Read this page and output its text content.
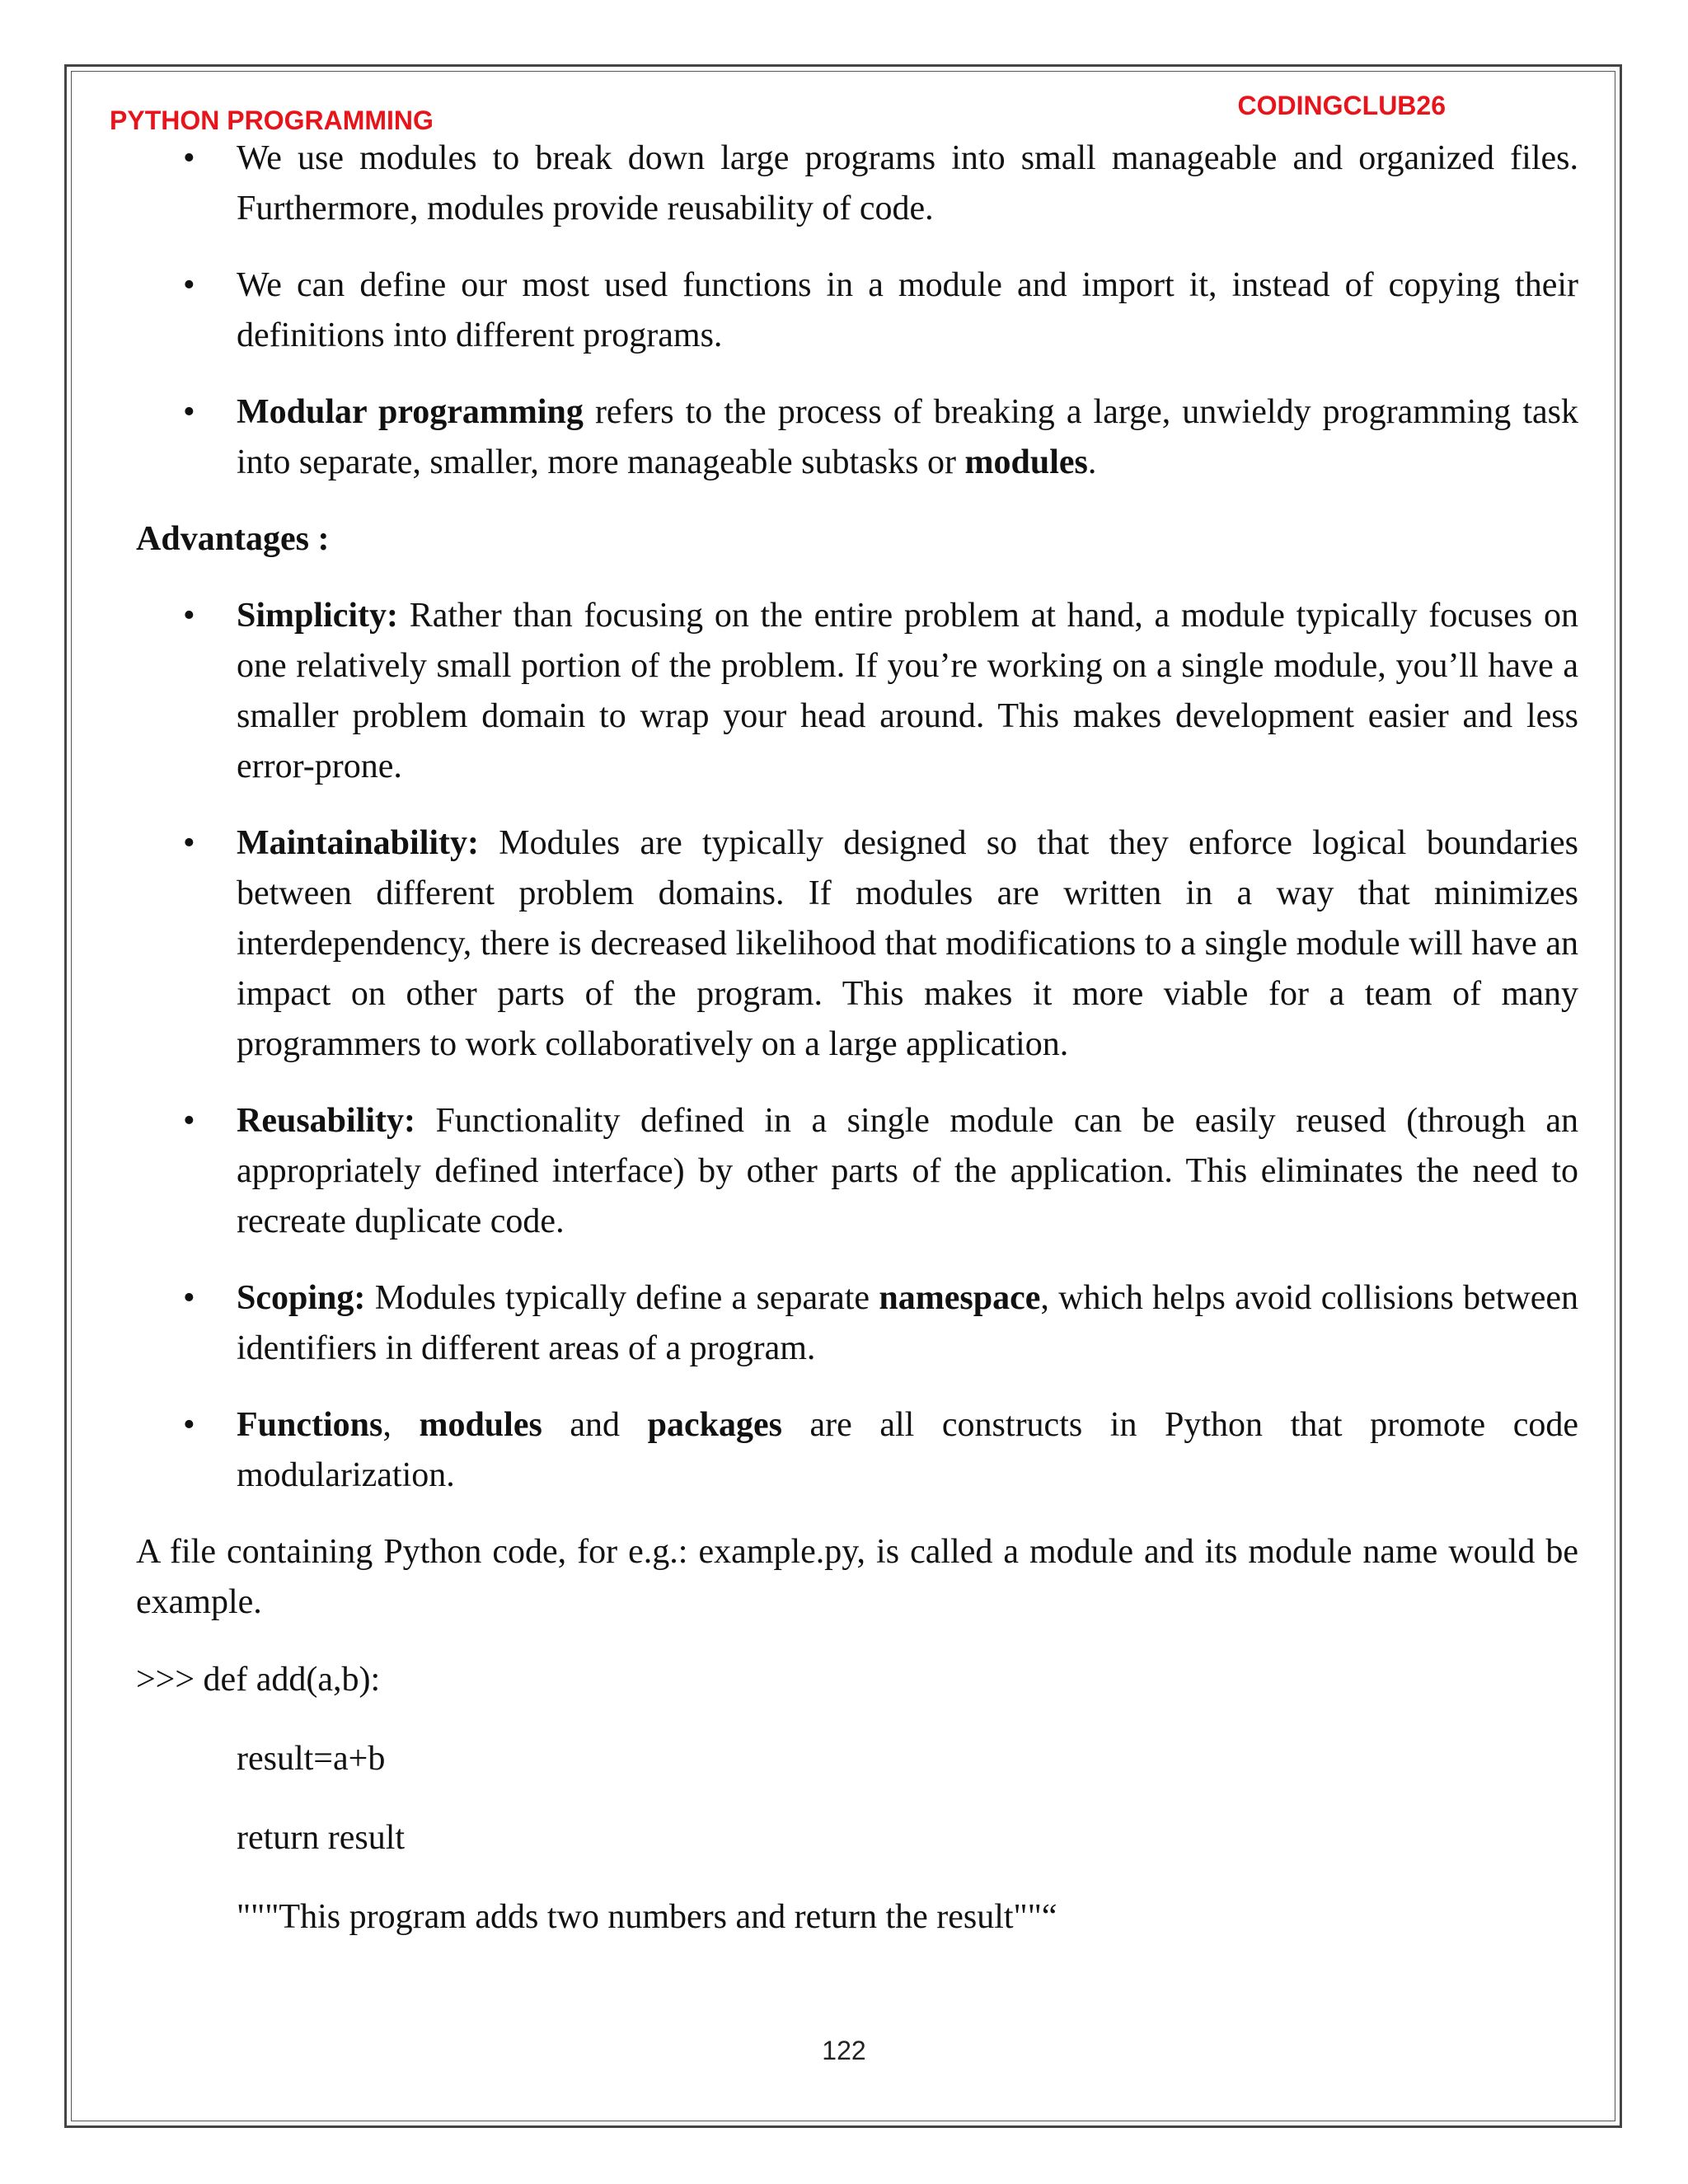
PYTHON PROGRAMMING	CODINGCLUB26
• We use modules to break down large programs into small manageable and organized files. Furthermore, modules provide reusability of code.
• We can define our most used functions in a module and import it, instead of copying their definitions into different programs.
• Modular programming refers to the process of breaking a large, unwieldy programming task into separate, smaller, more manageable subtasks or modules.
Advantages :
• Simplicity: Rather than focusing on the entire problem at hand, a module typically focuses on one relatively small portion of the problem. If you’re working on a single module, you’ll have a smaller problem domain to wrap your head around. This makes development easier and less error-prone.
• Maintainability: Modules are typically designed so that they enforce logical boundaries between different problem domains. If modules are written in a way that minimizes interdependency, there is decreased likelihood that modifications to a single module will have an impact on other parts of the program. This makes it more viable for a team of many programmers to work collaboratively on a large application.
• Reusability: Functionality defined in a single module can be easily reused (through an appropriately defined interface) by other parts of the application. This eliminates the need to recreate duplicate code.
• Scoping: Modules typically define a separate namespace, which helps avoid collisions between identifiers in different areas of a program.
• Functions, modules and packages are all constructs in Python that promote code modularization.

A file containing Python code, for e.g.: example.py, is called a module and its module name would be example.

>>> def add(a,b):
result=a+b
return result
"""This program adds two numbers and return the result""“
122
